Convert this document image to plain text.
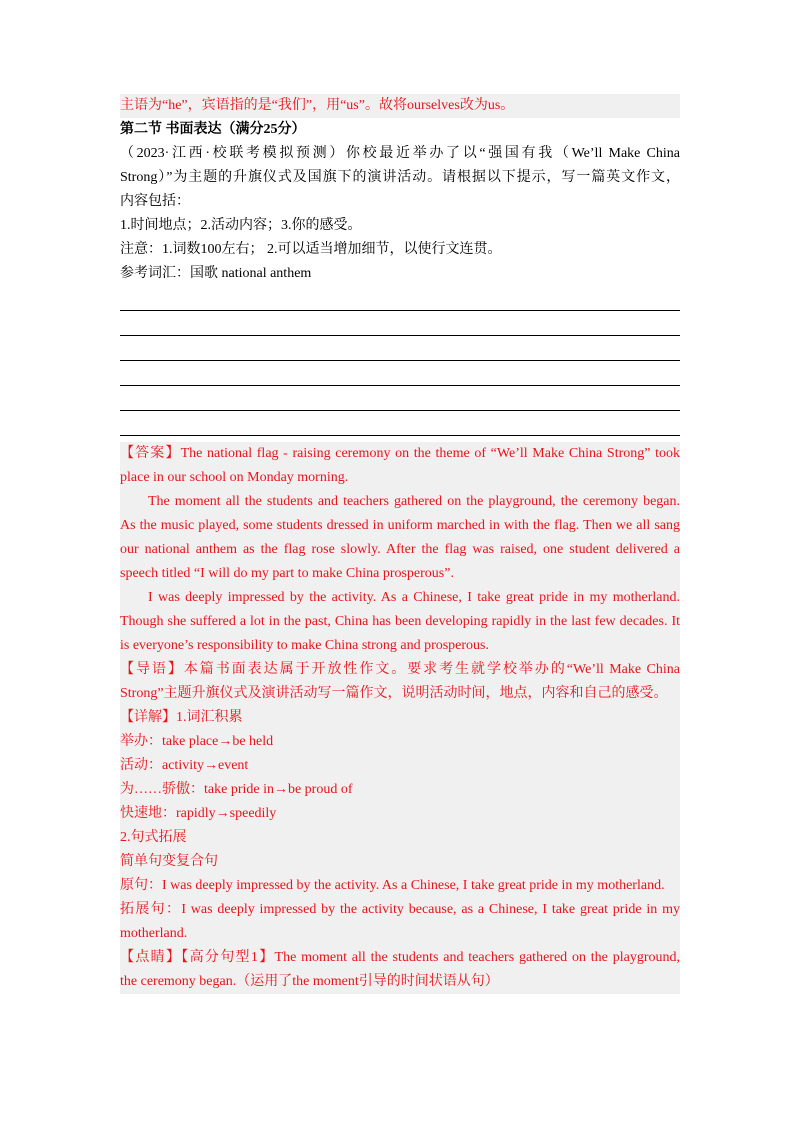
主语为“he”，宾语指的是“我们”，用“us”。故将ourselves改为us。
第二节 书面表达（满分25分）
（2023·江西·校联考模拟预测）你校最近举办了以“强国有我（We’ll Make China
Strong）”为主题的升旗仪式及国旗下的演讲活动。请根据以下提示，写一篇英文作文，
内容包括：
1.时间地点；2.活动内容；3.你的感受。
注意：1.词数100左右； 2.可以适当增加细节，以使行文连贯。
参考词汇：国歌 national anthem
【答案】The national flag - raising ceremony on the theme of “We’ll Make China Strong” took
place in our school on Monday morning.
The moment all the students and teachers gathered on the playground, the ceremony began.
As the music played, some students dressed in uniform marched in with the flag. Then we all sang
our national anthem as the flag rose slowly. After the flag was raised, one student delivered a
speech titled “I will do my part to make China prosperous”.
I was deeply impressed by the activity. As a Chinese, I take great pride in my motherland.
Though she suffered a lot in the past, China has been developing rapidly in the last few decades. It
is everyone’s responsibility to make China strong and prosperous.
【导语】本篇书面表达属于开放性作文。要求考生就学校举办的“We’ll Make China
Strong”主题升旗仪式及演讲活动写一篇作文，说明活动时间，地点，内容和自己的感受。
【详解】1.词汇积累
举办：take place→be held
活动：activity→event
为……骄傲：take pride in→be proud of
快速地：rapidly→speedily
2.句式拓展
简单句变复合句
原句：I was deeply impressed by the activity. As a Chinese, I take great pride in my motherland.
拓展句：I was deeply impressed by the activity because, as a Chinese, I take great pride in my
motherland.
【点睛】【高分句型1】The moment all the students and teachers gathered on the playground,
the ceremony began.（运用了the moment引导的时间状语从句）
